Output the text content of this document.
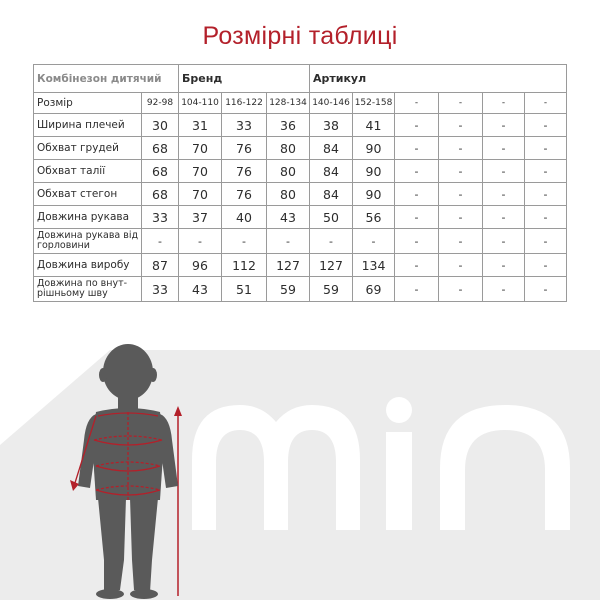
Розмірні таблиці
Комбінезон дитячий		Бренд			Артикул					
Розмір	92-98	104-110	116-122	128-134	140-146	152-158	-	-	-	-
Ширина плечей	30	31	33	36	38	41	-	-	-	-
Обхват грудей	68	70	76	80	84	90	-	-	-	-
Обхват талії	68	70	76	80	84	90	-	-	-	-
Обхват стегон	68	70	76	80	84	90	-	-	-	-
Довжина рукава	33	37	40	43	50	56	-	-	-	-
Довжина рукава від горловини	-	-	-	-	-	-	-	-	-	-
Довжина виробу	87	96	112	127	127	134	-	-	-	-
Довжина по внут-рішньому шву	33	43	51	59	59	69	-	-	-	-
